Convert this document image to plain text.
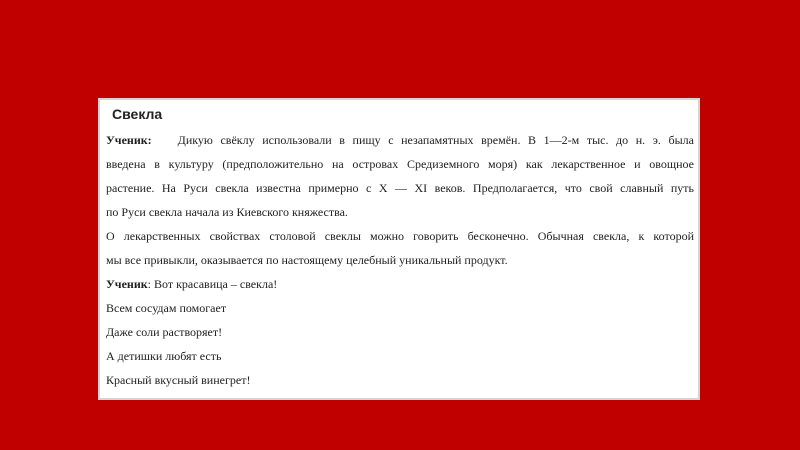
Свекла

Ученик: Дикую свёклу использовали в пищу с незапамятных времён. В 1—2-м тыс. до н. э. была
введена в культуру (предположительно на островах Средиземного моря) как лекарственное и овощное
растение. На Руси свекла известна примерно с X — XI веков. Предполагается, что свой славный путь
по Руси свекла начала из Киевского княжества.

О лекарственных свойствах столовой свеклы можно говорить бесконечно. Обычная свекла, к которой
мы все привыкли, оказывается по настоящему целебный уникальный продукт.

Ученик: Вот красавица – свекла!
Всем сосудам помогает
Даже соли растворяет!
А детишки любят есть
Красный вкусный винегрет!
